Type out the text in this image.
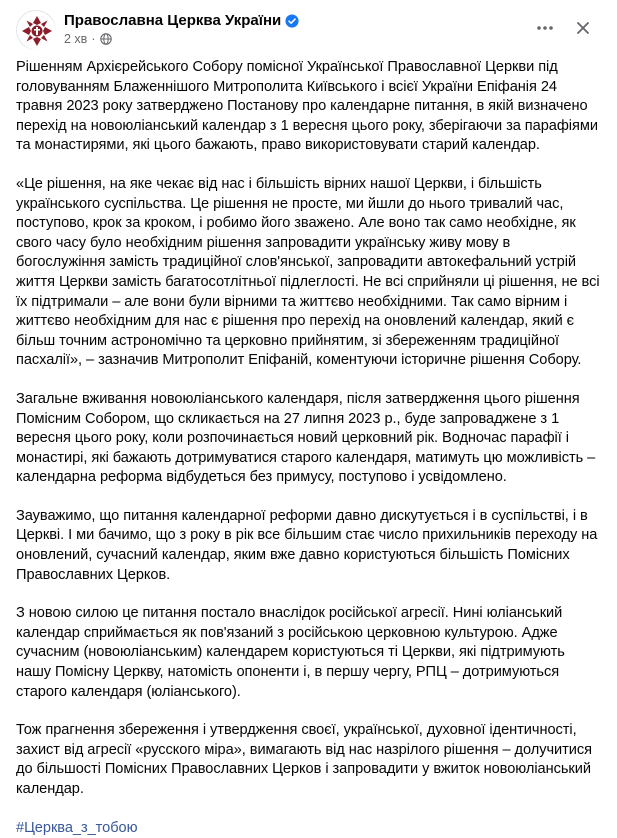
Православна Церква України
2 хв ·

Рішенням Архієрейського Собору помісної Української Православної Церкви під головуванням Блаженнішого Митрополита Київського і всієї України Епіфанія 24 травня 2023 року затверджено Постанову про календарне питання, в якій визначено перехід на новоюліанський календар з 1 вересня цього року, зберігаючи за парафіями та монастирями, які цього бажають, право використовувати старий календар.

«Це рішення, на яке чекає від нас і більшість вірних нашої Церкви, і більшість українського суспільства. Це рішення не просте, ми йшли до нього тривалий час, поступово, крок за кроком, і робимо його зважено. Але воно так само необхідне, як свого часу було необхідним рішення запровадити українську живу мову в богослужіння замість традиційної слов'янської, запровадити автокефальний устрій життя Церкви замість багатосотлітньої підлеглості. Не всі сприйняли ці рішення, не всі їх підтримали – але вони були вірними та життєво необхідними. Так само вірним і життєво необхідним для нас є рішення про перехід на оновлений календар, який є більш точним астрономічно та церковно прийнятим, зі збереженням традиційної пасхалії», – зазначив Митрополит Епіфаній, коментуючи історичне рішення Собору.

Загальне вживання новоюліанського календаря, після затвердження цього рішення Помісним Собором, що скликається на 27 липня 2023 р., буде запроваджене з 1 вересня цього року, коли розпочинається новий церковний рік. Водночас парафії і монастирі, які бажають дотримуватися старого календаря, матимуть цю можливість – календарна реформа відбудеться без примусу, поступово і усвідомлено.

Зауважимо, що питання календарної реформи давно дискутується і в суспільстві, і в Церкві. І ми бачимо, що з року в рік все більшим стає число прихильників переходу на оновлений, сучасний календар, яким вже давно користуються більшість Помісних Православних Церков.

З новою силою це питання постало внаслідок російської агресії. Нині юліанський календар сприймається як пов'язаний з російською церковною культурою. Адже сучасним (новоюліанським) календарем користуються ті Церкви, які підтримують нашу Помісну Церкву, натомість опоненти і, в першу чергу, РПЦ – дотримуються старого календаря (юліанського).

Тож прагнення збереження і утвердження своєї, української, духовної ідентичності, захист від агресії «русского міра», вимагають від нас назрілого рішення – долучитися до більшості Помісних Православних Церков і запровадити у вжиток новоюліанський календар.

#Церква_з_тобою
